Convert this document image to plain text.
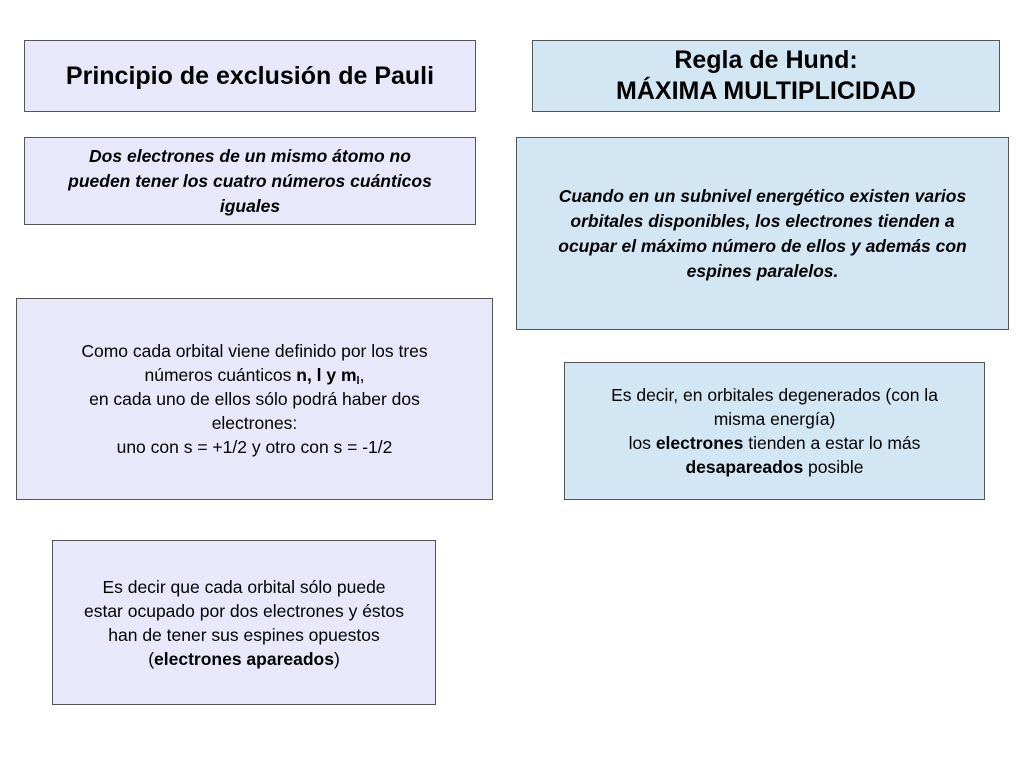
Principio de exclusión de Pauli
Dos electrones de un mismo átomo no
pueden tener los cuatro números cuánticos
iguales
Como cada orbital viene definido por los tres
números cuánticos n, l y $m_l$,
en cada uno de ellos sólo podrá haber dos
electrones:
uno con s = +1/2 y otro con s = -1/2
Es decir que cada orbital sólo puede
estar ocupado por dos electrones y éstos
han de tener sus espines opuestos
(electrones apareados)
Regla de Hund:
MÁXIMA MULTIPLICIDAD
Cuando en un subnivel energético existen varios
orbitales disponibles, los electrones tienden a
ocupar el máximo número de ellos y además con
espines paralelos.
Es decir, en orbitales degenerados (con la
misma energía)
los electrones tienden a estar lo más
desapareados posible
